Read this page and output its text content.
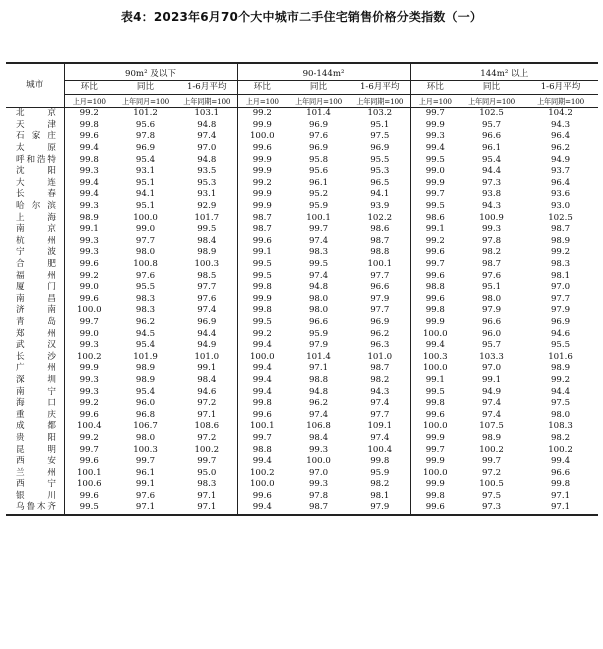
表4：2023年6月70个大中城市二手住宅销售价格分类指数（一）
城市	90m² 及以下			90-144m²			144m² 以上		
	环比	同比	1-6月平均	环比	同比	1-6月平均	环比	同比	1-6月平均
	上月=100	上年同月=100	上年同期=100	上月=100	上年同月=100	上年同期=100	上月=100	上年同月=100	上年同期=100
北京	99.2	101.2	103.1	99.2	101.4	103.2	99.7	102.5	104.2
天津	99.8	95.6	94.8	99.9	96.9	95.1	99.9	95.7	94.3
石家庄	99.6	97.8	97.4	100.0	97.6	97.5	99.3	96.6	96.4
太原	99.4	96.9	97.0	99.6	96.9	96.9	99.4	96.1	96.2
呼和浩特	99.8	95.4	94.8	99.9	95.8	95.5	99.5	95.4	94.9
沈阳	99.3	93.1	93.5	99.9	95.6	95.3	99.0	94.4	93.7
大连	99.4	95.1	95.3	99.2	96.1	96.5	99.9	97.3	96.4
长春	99.4	94.1	93.1	99.9	95.2	94.1	99.7	93.8	93.6
哈尔滨	99.3	95.1	92.9	99.9	95.9	93.9	99.5	94.3	93.0
上海	98.9	100.0	101.7	98.7	100.1	102.2	98.6	100.9	102.5
南京	99.1	99.0	99.5	98.7	99.7	98.6	99.1	99.3	98.7
杭州	99.3	97.7	98.4	99.6	97.4	98.7	99.2	97.8	98.9
宁波	99.3	98.0	98.9	99.1	98.3	98.8	99.6	98.2	99.2
合肥	99.6	100.8	100.3	99.5	99.5	100.1	99.7	98.7	98.3
福州	99.2	97.6	98.5	99.5	97.4	97.7	99.6	97.6	98.1
厦门	99.0	95.5	97.7	99.8	94.8	96.6	98.8	95.1	97.0
南昌	99.6	98.3	97.6	99.9	98.0	97.9	99.6	98.0	97.7
济南	100.0	98.3	97.4	99.8	98.0	97.7	99.8	97.9	97.9
青岛	99.7	96.2	96.9	99.5	96.6	96.9	99.9	96.6	96.9
郑州	99.0	94.5	94.4	99.2	95.9	96.2	100.0	96.0	94.6
武汉	99.3	95.4	94.9	99.4	97.9	96.3	99.4	95.7	95.5
长沙	100.2	101.9	101.0	100.0	101.4	101.0	100.3	103.3	101.6
广州	99.9	98.9	99.1	99.4	97.1	98.7	100.0	97.0	98.9
深圳	99.3	98.9	98.4	99.4	98.8	98.2	99.1	99.1	99.2
南宁	99.3	95.4	94.6	99.4	94.8	94.3	99.5	94.9	94.4
海口	99.2	96.0	97.2	99.8	96.2	97.4	99.8	97.4	97.5
重庆	99.6	96.8	97.1	99.6	97.4	97.7	99.6	97.4	98.0
成都	100.4	106.7	108.6	100.1	106.8	109.1	100.0	107.5	108.3
贵阳	99.2	98.0	97.2	99.7	98.4	97.4	99.9	98.9	98.2
昆明	99.7	100.3	100.2	98.8	99.3	100.4	99.7	100.2	100.2
西安	99.6	99.7	99.7	99.4	100.0	99.8	99.9	99.7	99.4
兰州	100.1	96.1	95.0	100.2	97.0	95.9	100.0	97.2	96.6
西宁	100.6	99.1	98.3	100.0	99.3	98.2	99.9	100.5	99.8
银川	99.6	97.6	97.1	99.6	97.8	98.1	99.8	97.5	97.1
乌鲁木齐	99.5	97.1	97.1	99.4	98.7	97.9	99.6	97.3	97.1
